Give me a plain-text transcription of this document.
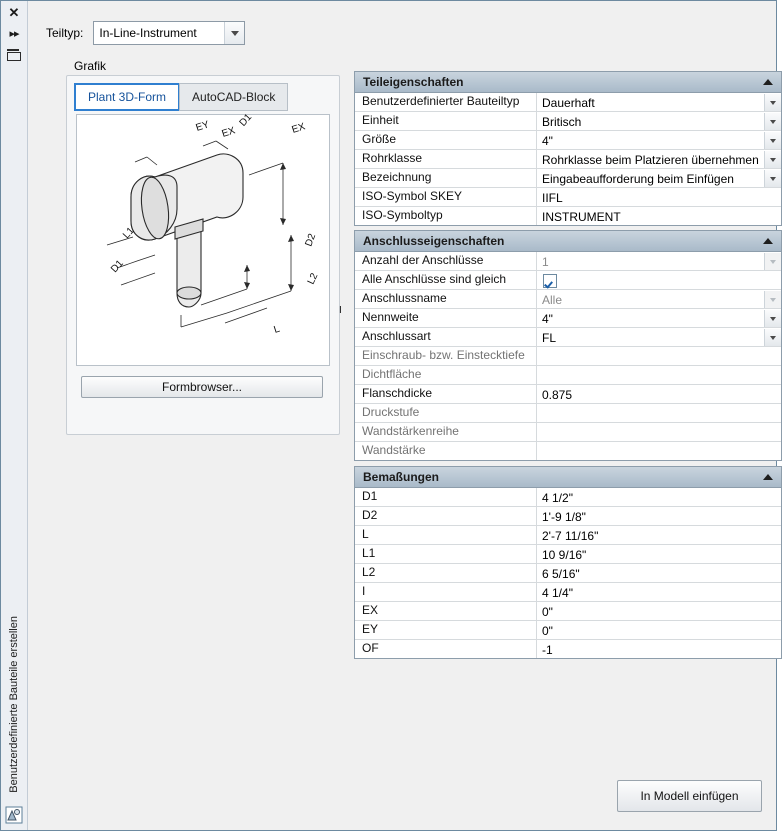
✕
▸▸
Benutzerdefinierte Bauteile erstellen
Teiltyp: In-Line-Instrument
Grafik
Plant 3D-Form AutoCAD-Block
EX	EX
L1	D2
D1
D1
L2
L
I
EY
Formbrowser...
Teileigenschaften
Benutzerdefinierter Bauteiltyp	Dauerhaft
Einheit	Britisch
Größe	4"
Rohrklasse	Rohrklasse beim Platzieren übernehmen
Bezeichnung	Eingabeaufforderung beim Einfügen
ISO-Symbol SKEY	IIFL
ISO-Symboltyp	INSTRUMENT
Anschlusseigenschaften
Anzahl der Anschlüsse	1
Alle Anschlüsse sind gleich
Anschlussname	Alle
Nennweite	4"
Anschlussart	FL
Einschraub- bzw. Einstecktiefe
Dichtfläche
Flanschdicke	0.875
Druckstufe
Wandstärkenreihe
Wandstärke
Bemaßungen
D1	4 1/2"
D2	1'-9 1/8"
L	2'-7 11/16"
L1	10 9/16"
L2	6 5/16"
I	4 1/4"
EX	0"
EY	0"
OF	-1
In Modell einfügen
